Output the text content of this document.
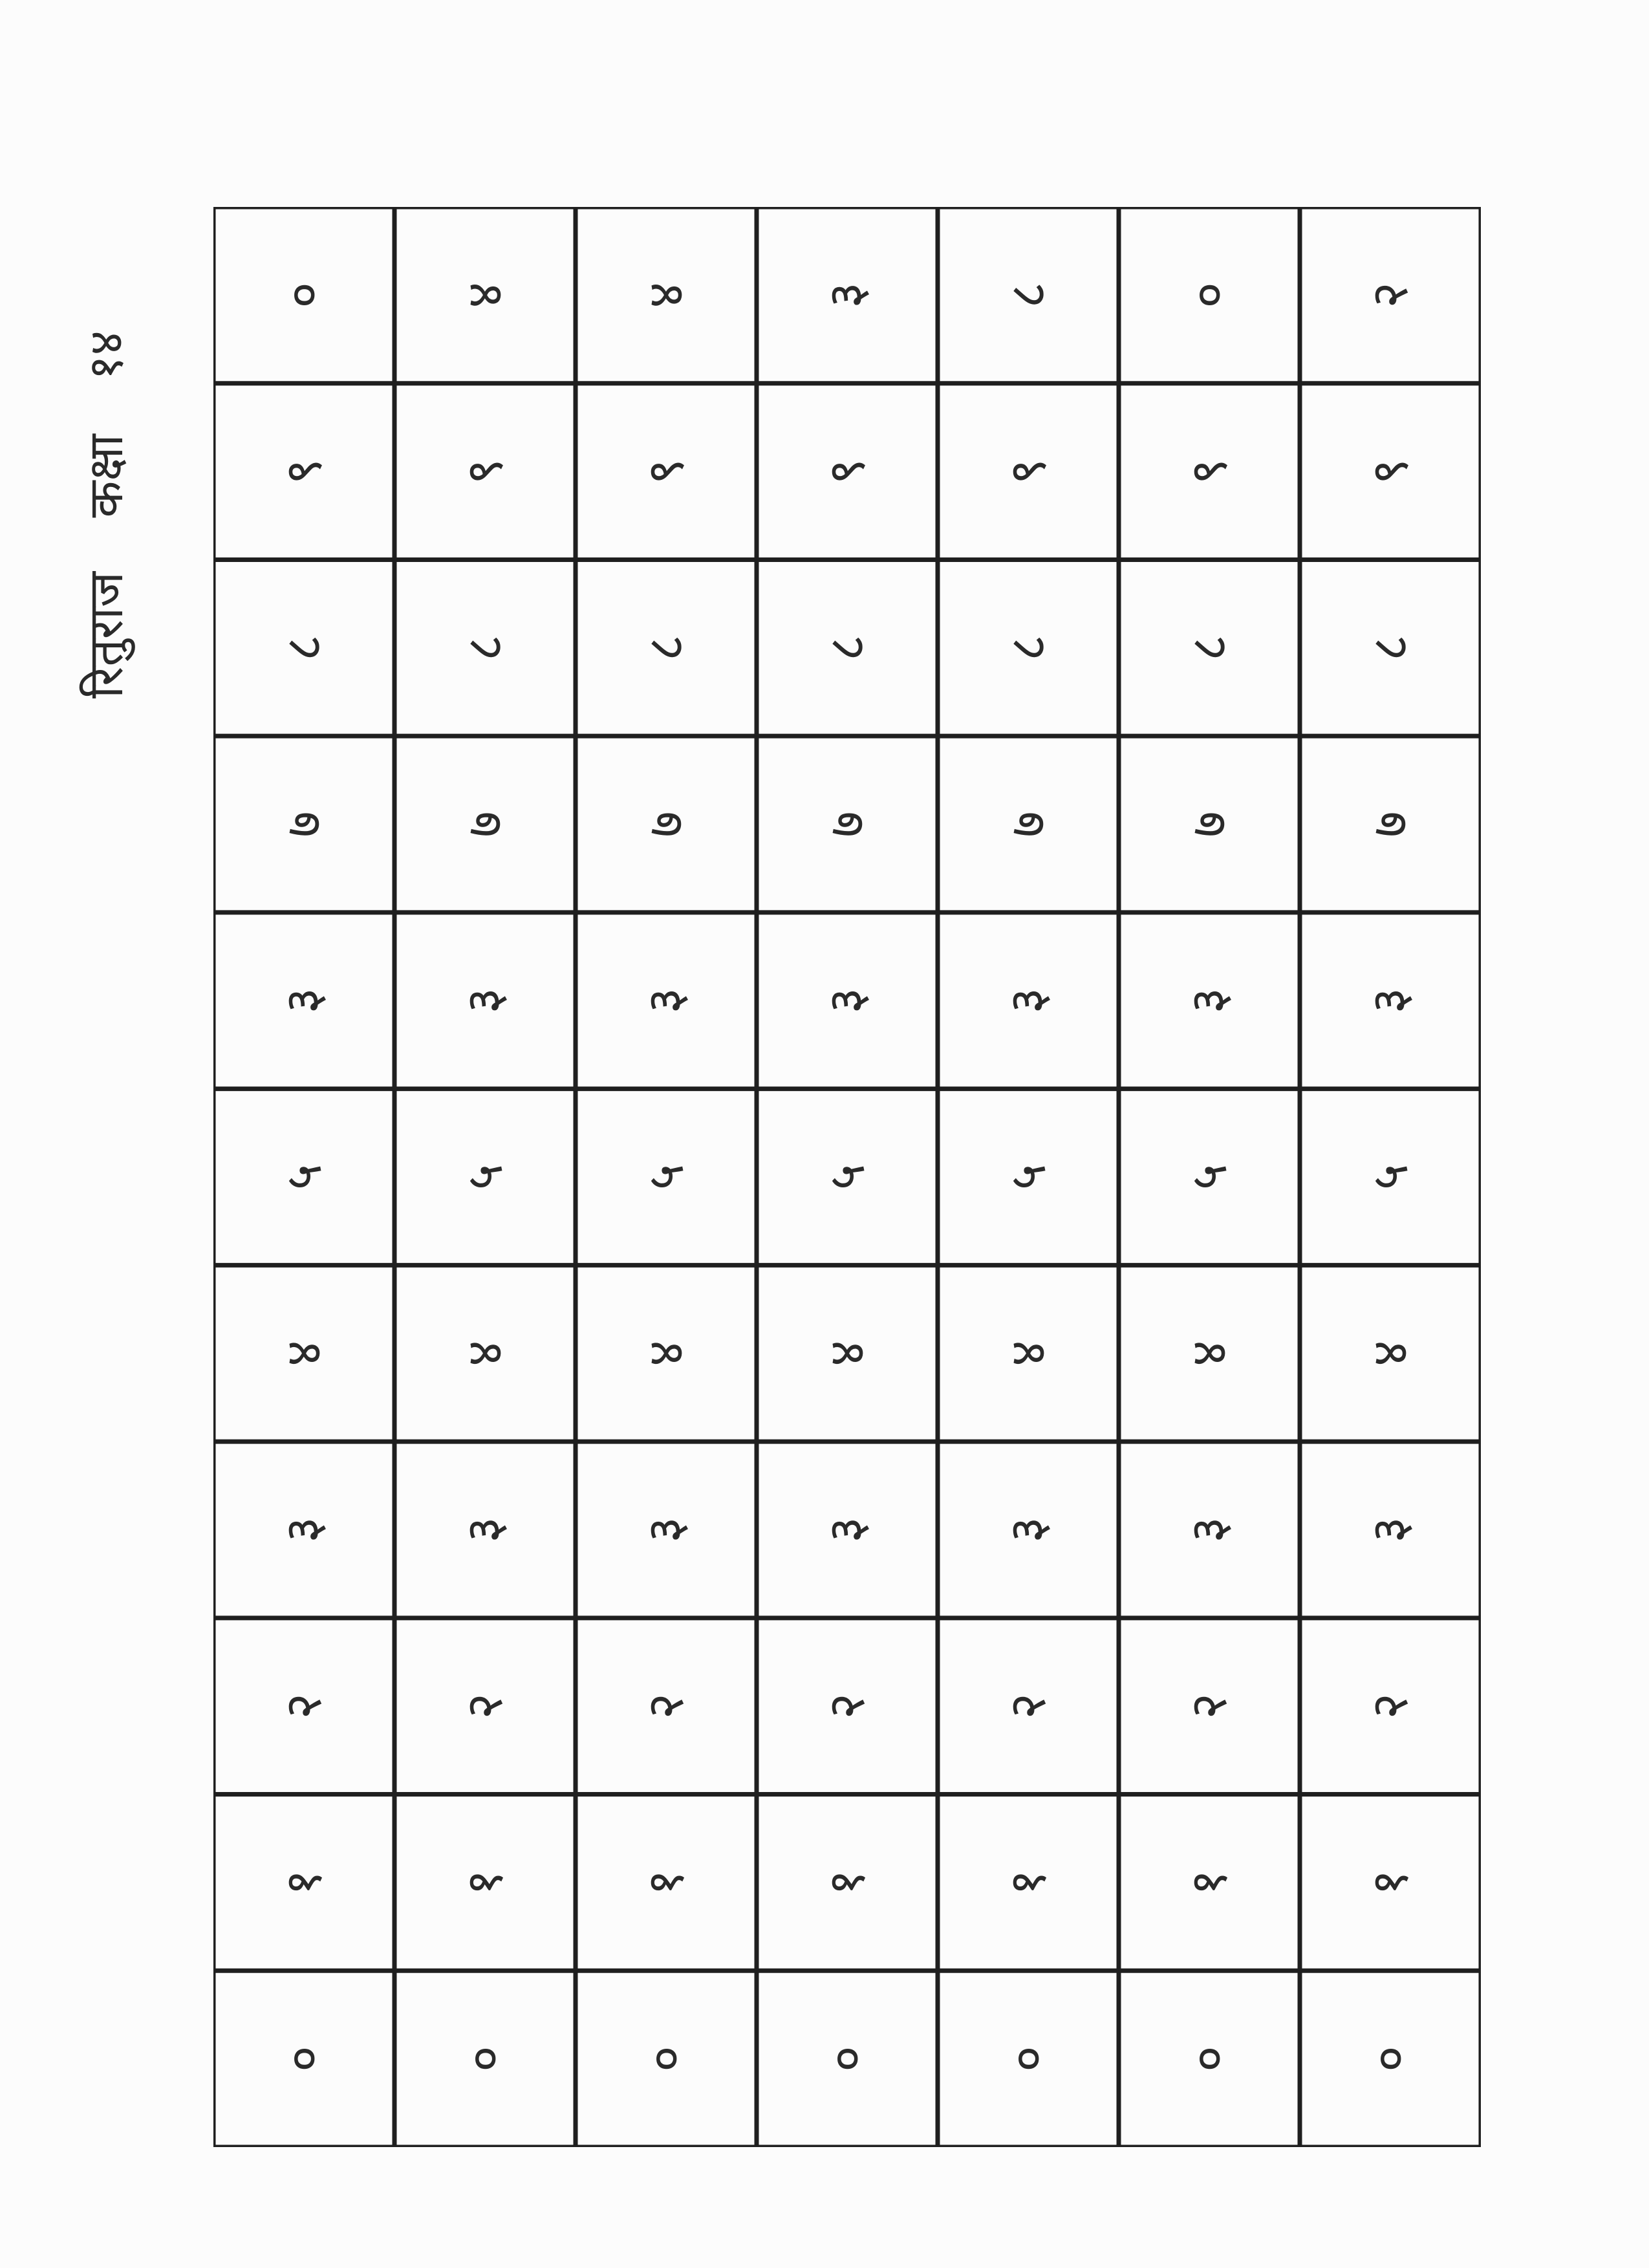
रितुराज कक्षा १४
० ४ ४ ३ ८ ० २
९ ९ ९ ९ ९ ९ ९
८ ८ ८ ८ ८ ८ ८
७ ७ ७ ७ ७ ७ ७
३ ३ ३ ३ ३ ३ ३
५ ५ ५ ५ ५ ५ ५
४ ४ ४ ४ ४ ४ ४
३ ३ ३ ३ ३ ३ ३
२ २ २ २ २ २ २
१ १ १ १ १ १ १
० ० ० ० ० ० ०
